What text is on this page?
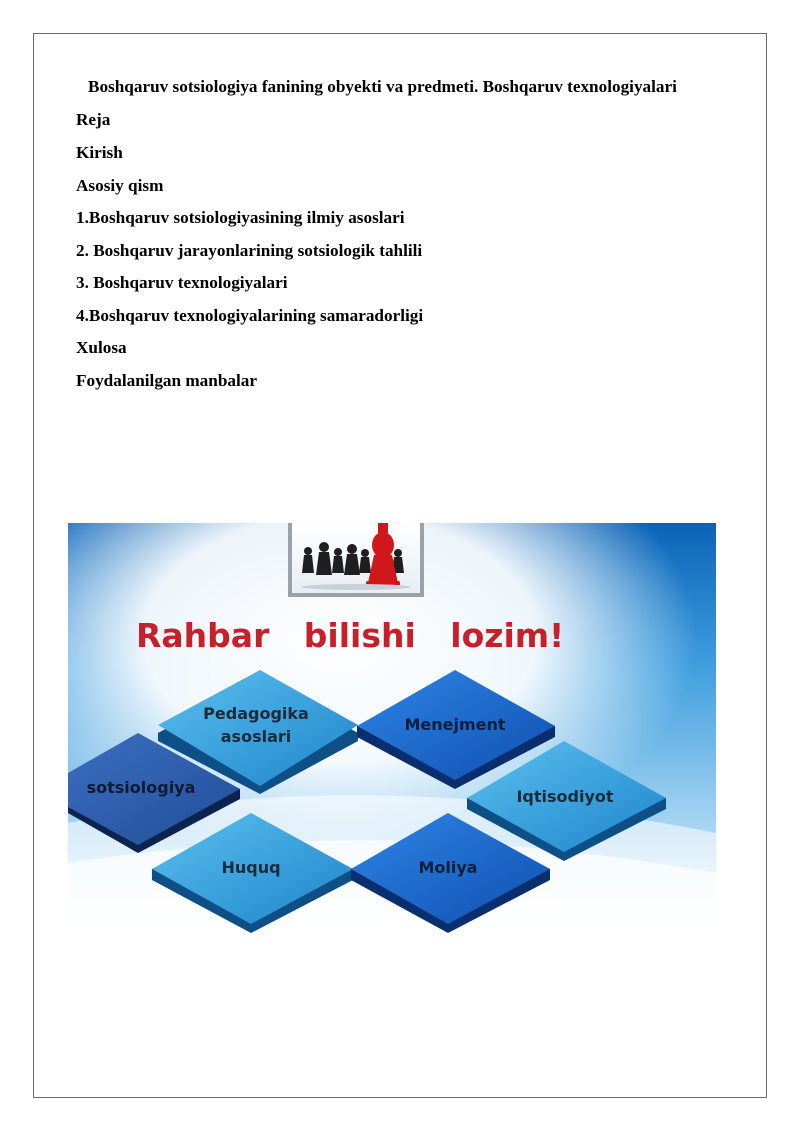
Boshqaruv sotsiologiya fanining obyekti va predmeti. Boshqaruv texnologiyalari
Reja
Kirish
Asosiy qism
1.Boshqaruv sotsiologiyasining ilmiy asoslari
2. Boshqaruv jarayonlarining sotsiologik tahlili
3. Boshqaruv texnologiyalari
4.Boshqaruv texnologiyalarining samaradorligi
Xulosa
Foydalanilgan manbalar
Rahbar   bilishi   lozim!
Pedagogika
asoslari
Menejment
sotsiologiya	Iqtisodiyot
Huquq	Moliya
